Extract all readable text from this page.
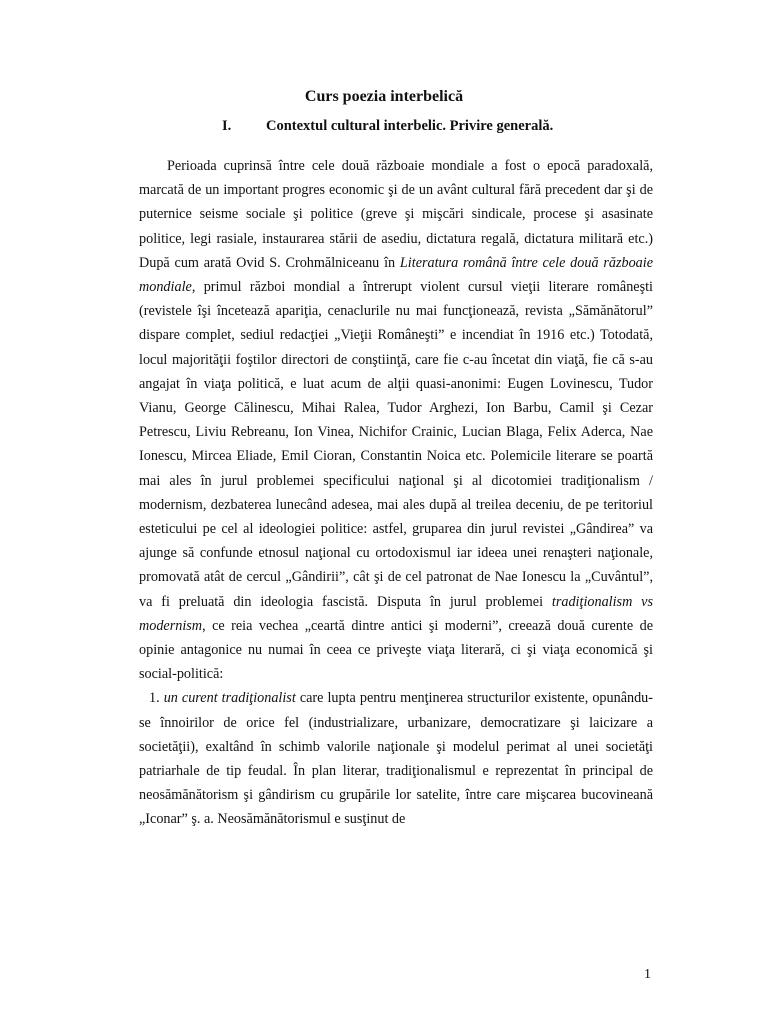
Curs poezia interbelică
I. Contextul cultural interbelic. Privire generală.

Perioada cuprinsă între cele două războaie mondiale a fost o epocă paradoxală, marcată de un important progres economic şi de un avânt cultural fără precedent dar şi de puternice seisme sociale şi politice (greve şi mişcări sindicale, procese şi asasinate politice, legi rasiale, instaurarea stării de asediu, dictatura regală, dictatura militară etc.) După cum arată Ovid S. Crohmălniceanu în Literatura română între cele două războaie mondiale, primul război mondial a întrerupt violent cursul vieţii literare româneşti (revistele îşi încetează apariţia, cenaclurile nu mai funcţionează, revista „Sămănătorul” dispare complet, sediul redacţiei „Vieţii Româneşti” e incendiat în 1916 etc.) Totodată, locul majorităţii foştilor directori de conştiinţă, care fie c-au încetat din viaţă, fie că s-au angajat în viaţa politică, e luat acum de alţii quasi-anonimi: Eugen Lovinescu, Tudor Vianu, George Călinescu, Mihai Ralea, Tudor Arghezi, Ion Barbu, Camil şi Cezar Petrescu, Liviu Rebreanu, Ion Vinea, Nichifor Crainic, Lucian Blaga, Felix Aderca, Nae Ionescu, Mircea Eliade, Emil Cioran, Constantin Noica etc. Polemicile literare se poartă mai ales în jurul problemei specificului naţional şi al dicotomiei tradiţionalism / modernism, dezbaterea lunecând adesea, mai ales după al treilea deceniu, de pe teritoriul esteticului pe cel al ideologiei politice: astfel, gruparea din jurul revistei „Gândirea” va ajunge să confunde etnosul naţional cu ortodoxismul iar ideea unei renaşteri naţionale, promovată atât de cercul „Gândirii”, cât şi de cel patronat de Nae Ionescu la „Cuvântul”, va fi preluată din ideologia fascistă. Disputa în jurul problemei tradiţionalism vs modernism, ce reia vechea „ceartă dintre antici şi moderni”, creează două curente de opinie antagonice nu numai în ceea ce priveşte viaţa literară, ci şi viaţa economică şi social-politică:

1. un curent tradiţionalist care lupta pentru menţinerea structurilor existente, opunându-se înnoirilor de orice fel (industrializare, urbanizare, democratizare şi laicizare a societăţii), exaltând în schimb valorile naţionale şi modelul perimat al unei societăţi patriarhale de tip feudal. În plan literar, tradiţionalismul e reprezentat în principal de neosămănătorism şi gândirism cu grupările lor satelite, între care mişcarea bucovineană „Iconar” ş. a. Neosămănătorismul e susţinut de

1
